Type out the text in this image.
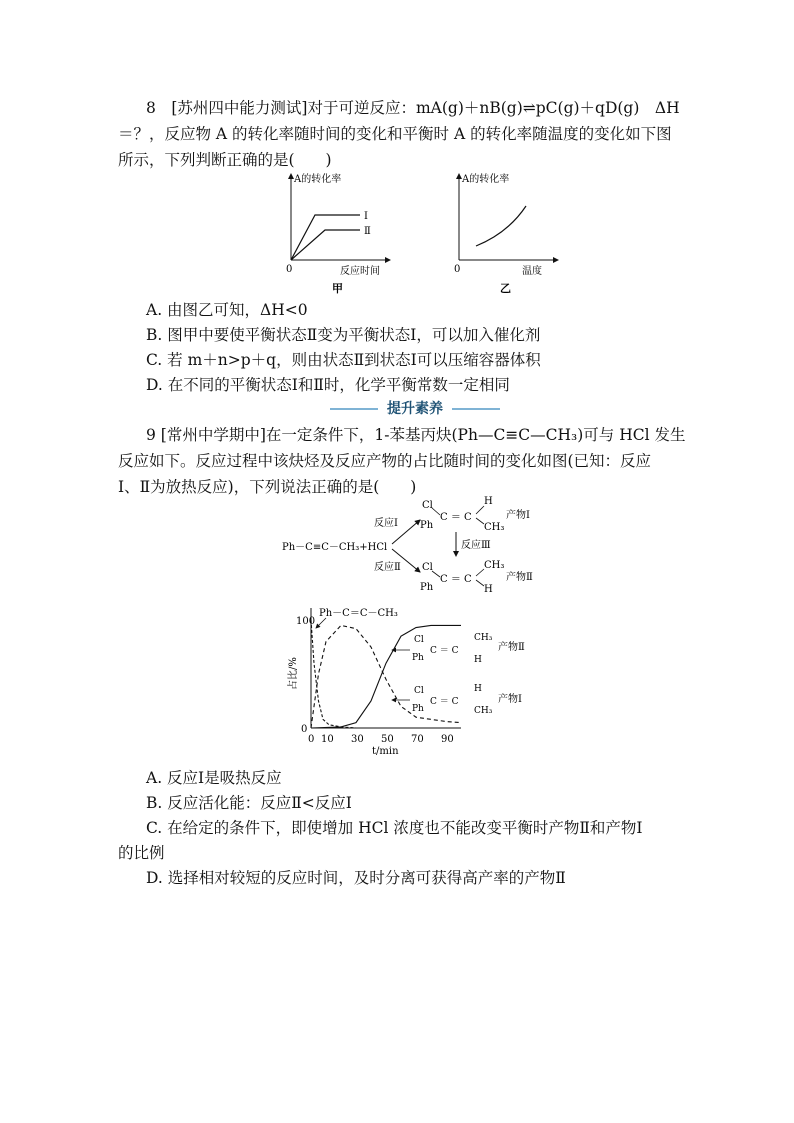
8　[苏州四中能力测试]对于可逆反应：mA(g)＋nB(g)⇌pC(g)＋qD(g)　ΔH
＝？，反应物 A 的转化率随时间的变化和平衡时 A 的转化率随温度的变化如下图
所示，下列判断正确的是(　　)
A的转化率
反应时间
0
Ⅰ
Ⅱ
甲
A的转化率
温度
0
乙
A. 由图乙可知，ΔH<0
B. 图甲中要使平衡状态Ⅱ变为平衡状态Ⅰ，可以加入催化剂
C. 若 m＋n>p＋q，则由状态Ⅱ到状态Ⅰ可以压缩容器体积
D. 在不同的平衡状态Ⅰ和Ⅱ时，化学平衡常数一定相同
提升素养
9 [常州中学期中]在一定条件下，1-苯基丙炔(Ph—C≡C—CH₃)可与 HCl 发生
反应如下。反应过程中该炔烃及反应产物的占比随时间的变化如图(已知：反应
Ⅰ、Ⅱ为放热反应)，下列说法正确的是(　　)
Ph－C≡C－CH₃+HCl
反应Ⅰ
反应Ⅱ
Cl
Ph
C ＝ C
H
CH₃
产物Ⅰ
反应Ⅲ
Cl
Ph
C ＝ C
CH₃
H
产物Ⅱ
100
0
占比/%
0 10 30 50 70 90
t/min
Ph－C＝C－CH₃
Cl
Ph
C ＝ C
CH₃
H
产物Ⅱ
Cl
Ph
C ＝ C
H
CH₃
产物Ⅰ
A. 反应Ⅰ是吸热反应
B. 反应活化能：反应Ⅱ<反应Ⅰ
C. 在给定的条件下，即使增加 HCl 浓度也不能改变平衡时产物Ⅱ和产物Ⅰ
的比例
D. 选择相对较短的反应时间，及时分离可获得高产率的产物Ⅱ
